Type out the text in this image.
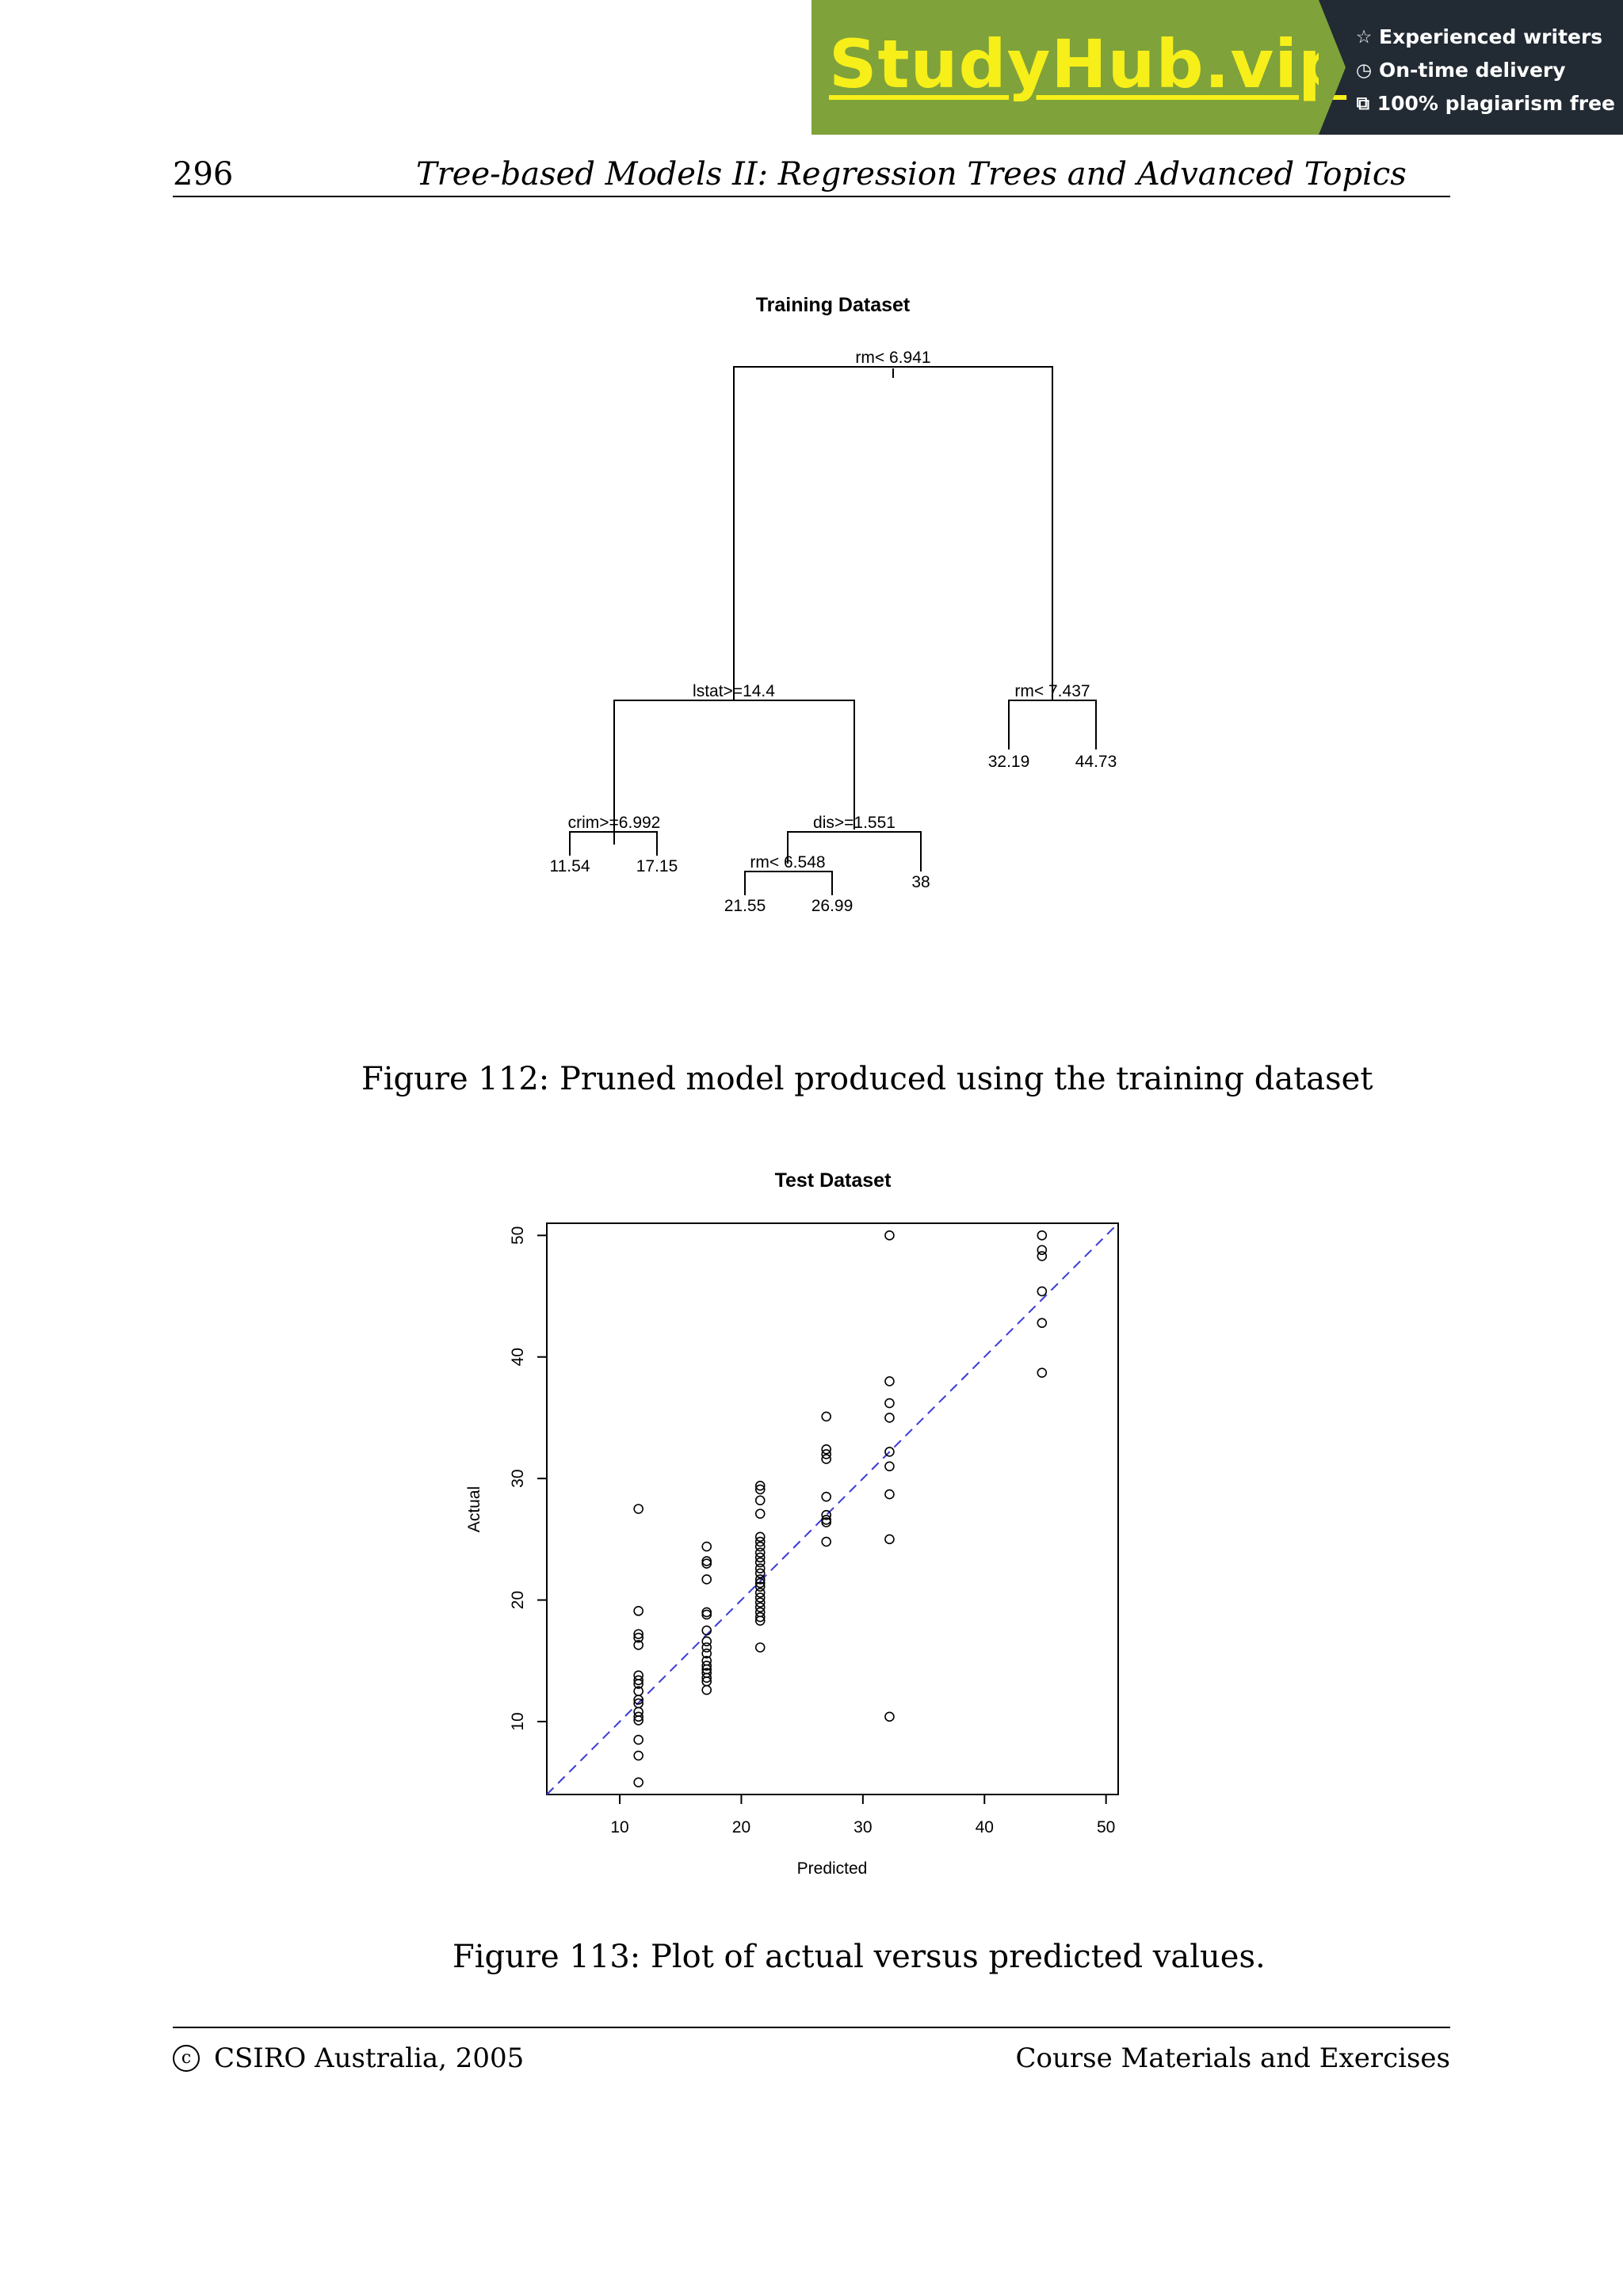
StudyHub.vip ☆ Experienced writers
◷ On-time delivery
⧉ 100% plagiarism free
296	Tree-based Models II: Regression Trees and Advanced Topics
Training Dataset
rm< 6.941
lstat>=14.4	rm< 7.437
crim>=6.992	dis>=1.551
rm< 6.548
32.19	44.73
11.54	17.15
21.55	26.99
38
Figure 112: Pruned model produced using the training dataset
Test Dataset
10	20	30	40	50
10
20
30
40
50
Predicted
Actual
Figure 113: Plot of actual versus predicted values.
c CSIRO Australia, 2005	Course Materials and Exercises
